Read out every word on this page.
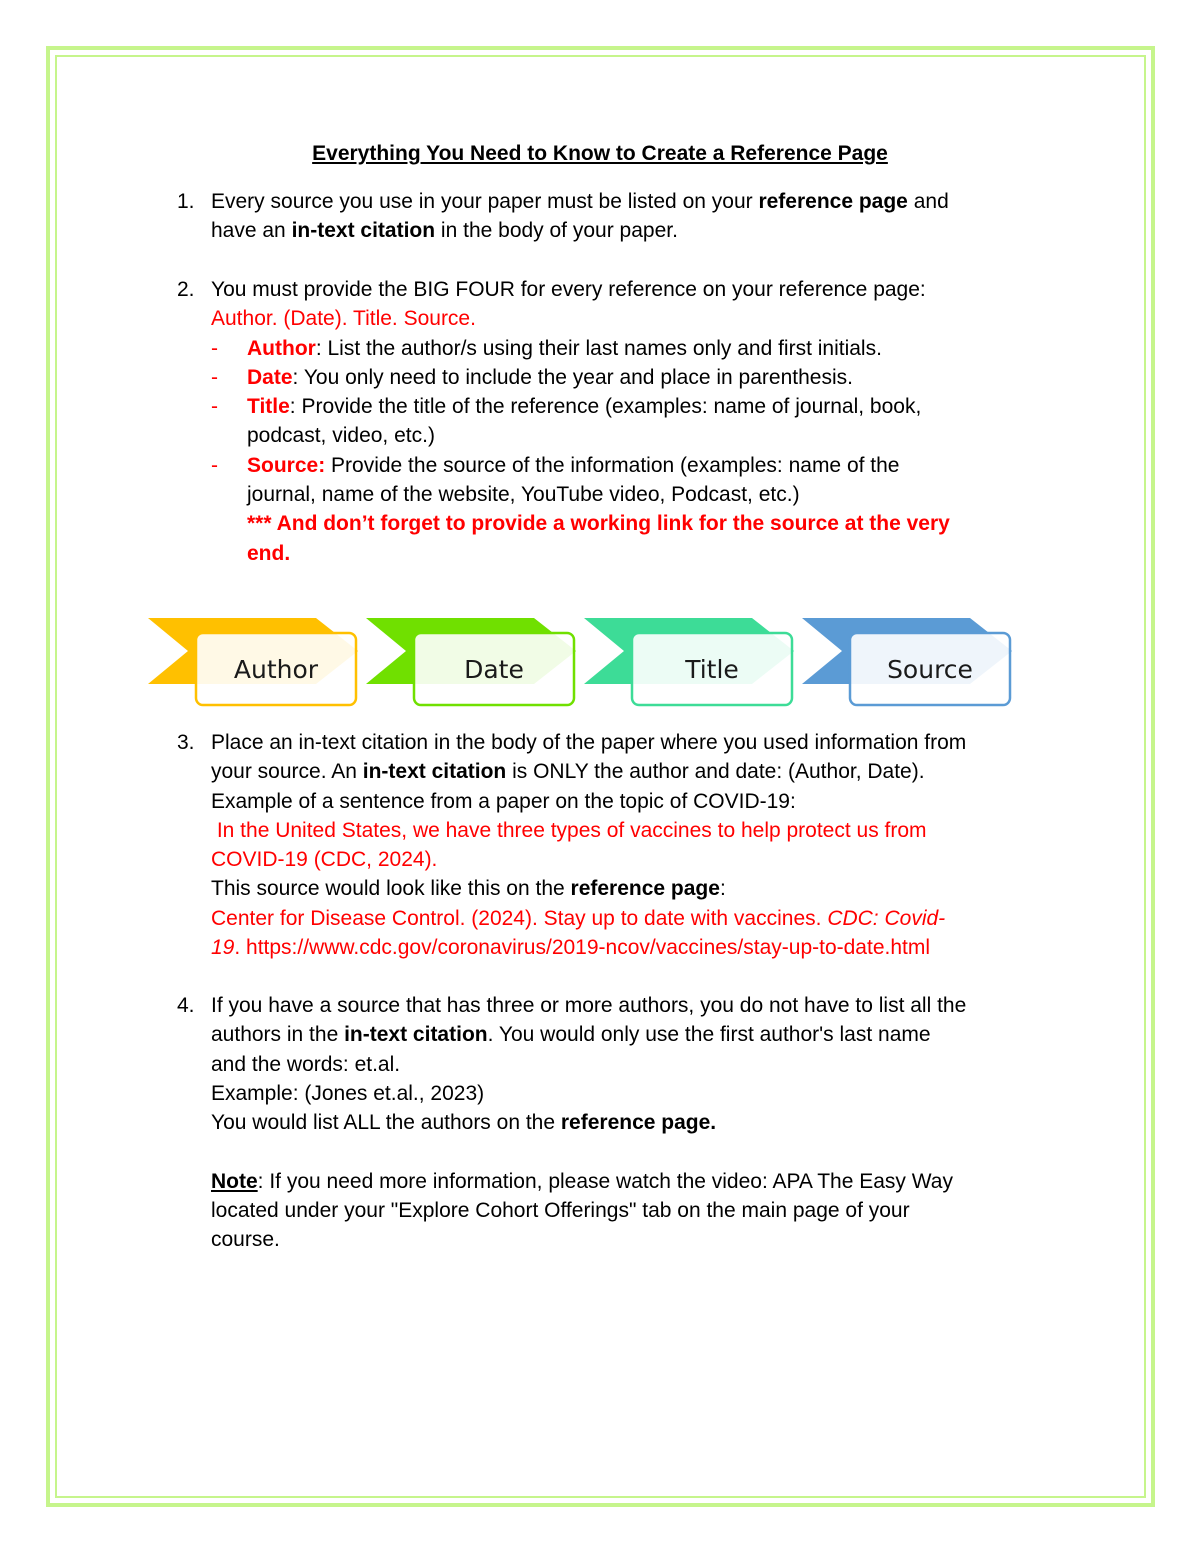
Everything You Need to Know to Create a Reference Page
1. Every source you use in your paper must be listed on your reference page and
have an in-text citation in the body of your paper.
2. You must provide the BIG FOUR for every reference on your reference page:
Author. (Date). Title. Source.
- Author: List the author/s using their last names only and first initials.
- Date: You only need to include the year and place in parenthesis.
- Title: Provide the title of the reference (examples: name of journal, book,
podcast, video, etc.)
- Source: Provide the source of the information (examples: name of the
journal, name of the website, YouTube video, Podcast, etc.)
*** And don’t forget to provide a working link for the source at the very
end.
Author	Date	Title	Source
3. Place an in-text citation in the body of the paper where you used information from
your source. An in-text citation is ONLY the author and date: (Author, Date).
Example of a sentence from a paper on the topic of COVID-19:
In the United States, we have three types of vaccines to help protect us from
COVID-19 (CDC, 2024).
This source would look like this on the reference page:
Center for Disease Control. (2024). Stay up to date with vaccines. CDC: Covid-
19. https://www.cdc.gov/coronavirus/2019-ncov/vaccines/stay-up-to-date.html
4. If you have a source that has three or more authors, you do not have to list all the
authors in the in-text citation. You would only use the first author's last name
and the words: et.al.
Example: (Jones et.al., 2023)
You would list ALL the authors on the reference page.
Note: If you need more information, please watch the video: APA The Easy Way
located under your "Explore Cohort Offerings" tab on the main page of your
course.
